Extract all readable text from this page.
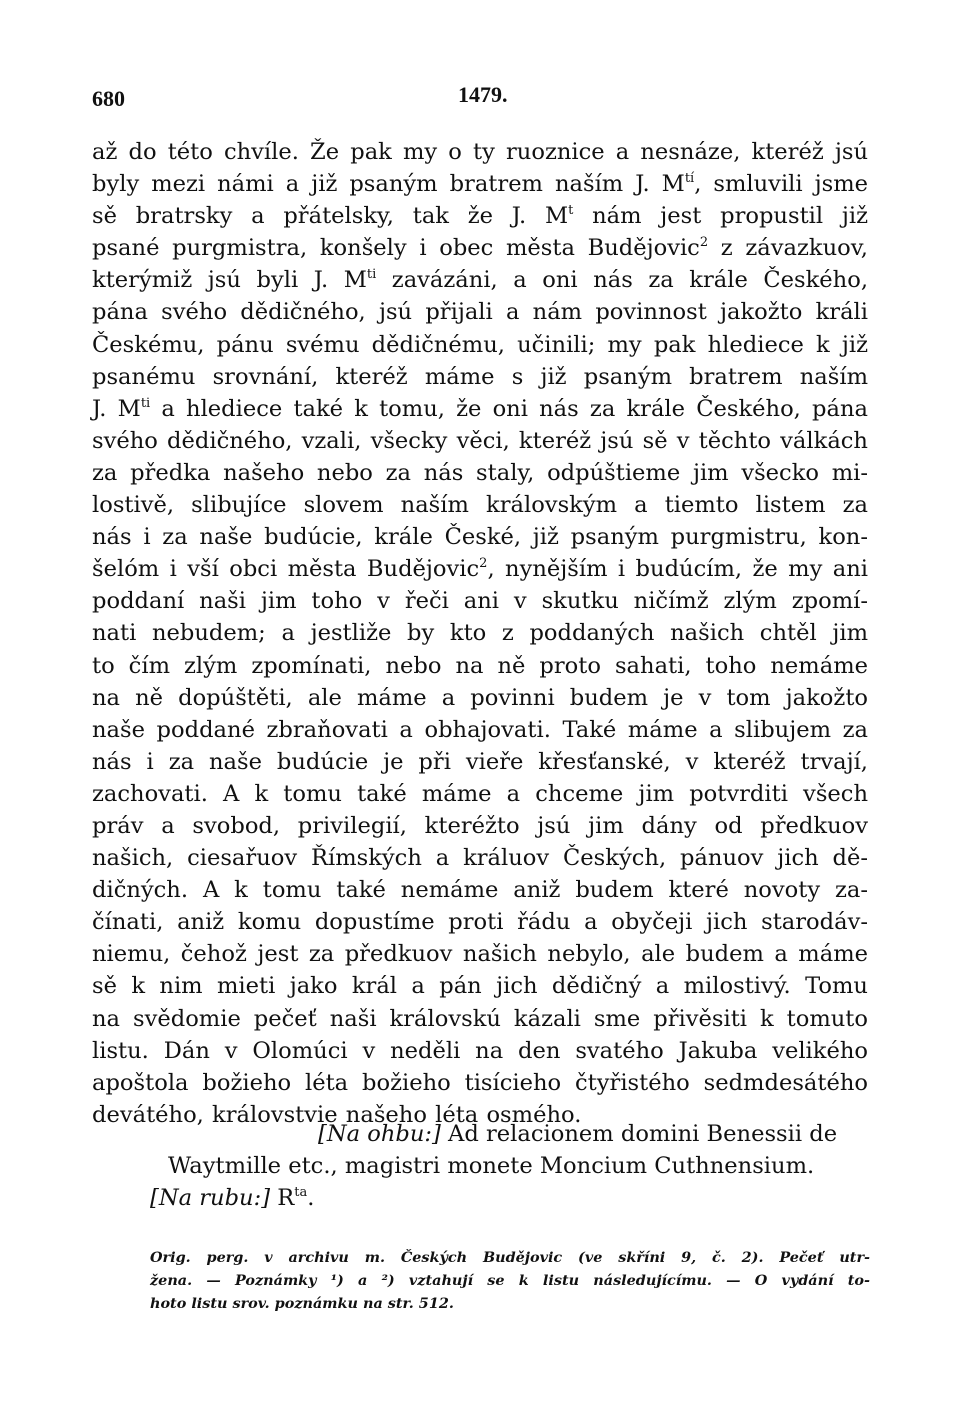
680	1479.
až do této chvíle. Že pak my o ty ruoznice a nesnáze, kteréž jsú
byly mezi námi a již psaným bratrem naším J. $M^{tí}$, smluvili jsme
sě bratrsky a přátelsky, tak že J. $M^t$ nám jest propustil již
psané purgmistra, konšely i obec města Budějovic$^2$ z závazkuov,
kterýmiž jsú byli J. $M^{ti}$ zavázáni, a oni nás za krále Českého,
pána svého dědičného, jsú přijali a nám povinnost jakožto králi
Českému, pánu svému dědičnému, učinili; my pak hlediece k již
psanému srovnání, kteréž máme s již psaným bratrem naším
J. $M^{ti}$ a hlediece také k tomu, že oni nás za krále Českého, pána
svého dědičného, vzali, všecky věci, kteréž jsú sě v těchto válkách
za předka našeho nebo za nás staly, odpúštieme jim všecko mi-
lostivě, slibujíce slovem naším královským a tiemto listem za
nás i za naše budúcie, krále České, již psaným purgmistru, kon-
šelóm i vší obci města Budějovic$^2$, nynějším i budúcím, že my ani
poddaní naši jim toho v řeči ani v skutku ničímž zlým zpomí-
nati nebudem; a jestliže by kto z poddaných našich chtěl jim
to čím zlým zpomínati, nebo na ně proto sahati, toho nemáme
na ně dopúštěti, ale máme a povinni budem je v tom jakožto
naše poddané zbraňovati a obhajovati. Také máme a slibujem za
nás i za naše budúcie je při vieře křesťanské, v kteréž trvají,
zachovati. A k tomu také máme a chceme jim potvrditi všech
práv a svobod, privilegií, kteréžto jsú jim dány od předkuov
našich, ciesařuov Římských a králuov Českých, pánuov jich dě-
dičných. A k tomu také nemáme aniž budem které novoty za-
čínati, aniž komu dopustíme proti řádu a obyčeji jich starodáv-
niemu, čehož jest za předkuov našich nebylo, ale budem a máme
sě k nim mieti jako král a pán jich dědičný a milostivý. Tomu
na svědomie pečeť naši královskú kázali sme přivěsiti k tomuto
listu. Dán v Olomúci v neděli na den svatého Jakuba velikého
apoštola božieho léta božieho tisícieho čtyřistého sedmdesátého
devátého, královstvie našeho léta osmého.
[Na ohbu:] Ad relacionem domini Benessii de
Waytmille etc., magistri monete Moncium Cuthnensium.
[Na rubu:] $R^{ta}$.
Orig. perg. v archivu m. Českých Budějovic (ve skříni 9, č. 2). Pečeť utr-
žena. — Poznámky ¹) a ²) vztahují se k listu následujícímu. — O vydání to-
hoto listu srov. poznámku na str. 512.
